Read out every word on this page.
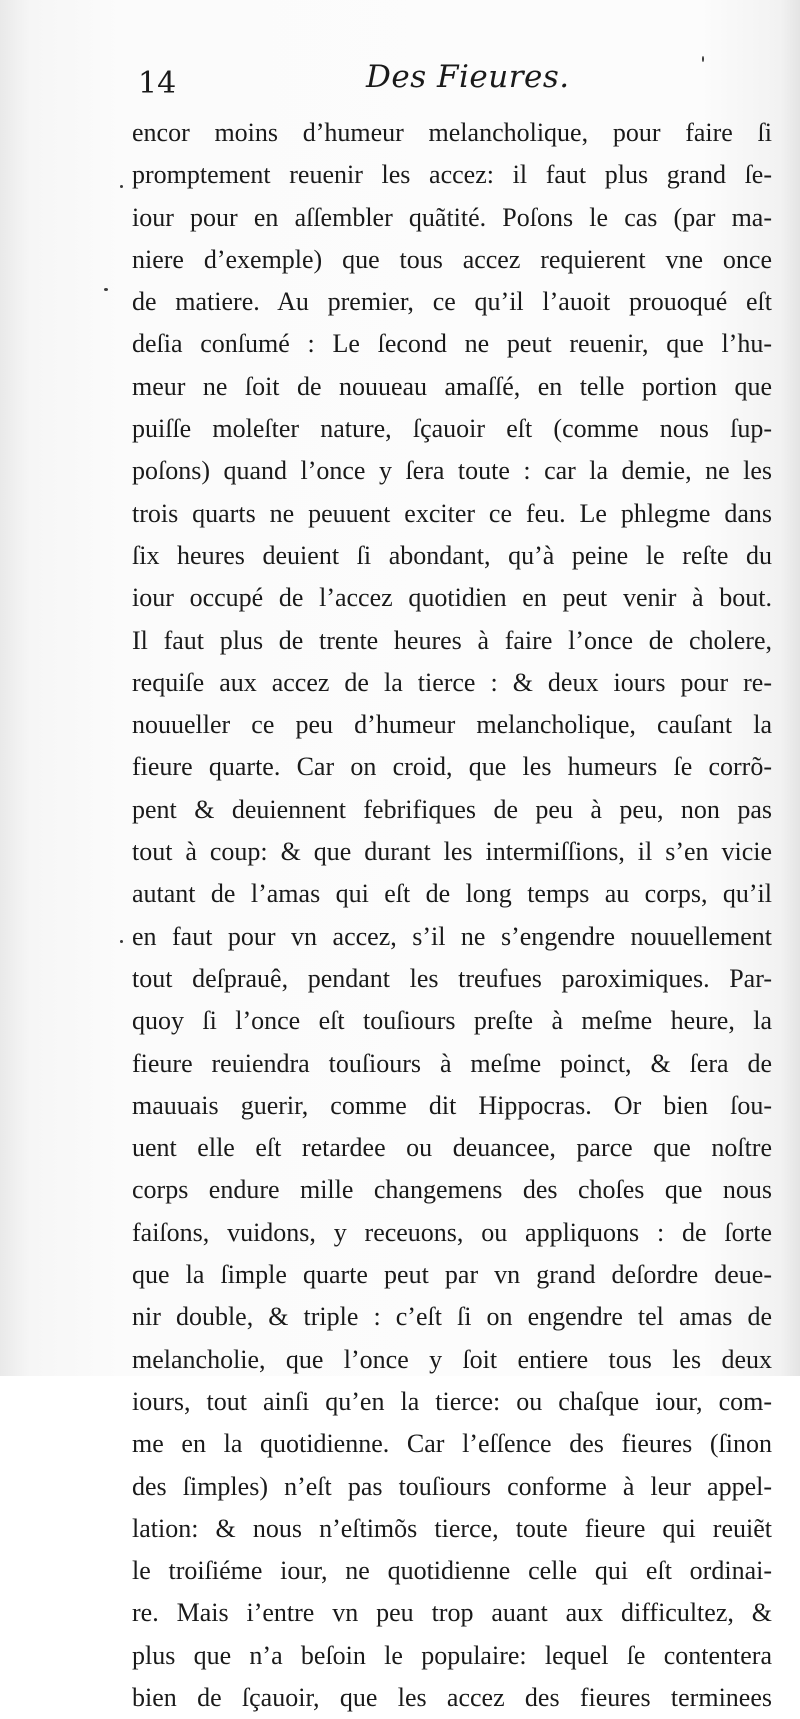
14	Des Fieures.
encor moins d’humeur melancholique, pour faire ſi
promptement reuenir les accez: il faut plus grand ſe-
iour pour en aſſembler quãtité. Poſons le cas (par ma-
niere d’exemple) que tous accez requierent vne once
de matiere. Au premier, ce qu’il l’auoit prouoqué eſt
deſia conſumé : Le ſecond ne peut reuenir, que l’hu-
meur ne ſoit de nouueau amaſſé, en telle portion que
puiſſe moleſter nature, ſçauoir eſt (comme nous ſup-
poſons) quand l’once y ſera toute : car la demie, ne les
trois quarts ne peuuent exciter ce feu. Le phlegme dans
ſix heures deuient ſi abondant, qu’à peine le reſte du
iour occupé de l’accez quotidien en peut venir à bout.
Il faut plus de trente heures à faire l’once de cholere,
requiſe aux accez de la tierce : & deux iours pour re-
nouueller ce peu d’humeur melancholique, cauſant la
fieure quarte. Car on croid, que les humeurs ſe corrõ-
pent & deuiennent febrifiques de peu à peu, non pas
tout à coup: & que durant les intermiſſions, il s’en vicie
autant de l’amas qui eſt de long temps au corps, qu’il
en faut pour vn accez, s’il ne s’engendre nouuellement
tout deſprauê, pendant les treufues paroximiques. Par-
quoy ſi l’once eſt touſiours preſte à meſme heure, la
fieure reuiendra touſiours à meſme poinct, & ſera de
mauuais guerir, comme dit Hippocras. Or bien ſou-
uent elle eſt retardee ou deuancee, parce que noſtre
corps endure mille changemens des choſes que nous
faiſons, vuidons, y receuons, ou appliquons : de ſorte
que la ſimple quarte peut par vn grand deſordre deue-
nir double, & triple : c’eſt ſi on engendre tel amas de
melancholie, que l’once y ſoit entiere tous les deux
iours, tout ainſi qu’en la tierce: ou chaſque iour, com-
me en la quotidienne. Car l’eſſence des fieures (ſinon
des ſimples) n’eſt pas touſiours conforme à leur appel-
lation: & nous n’eſtimõs tierce, toute fieure qui reuiẽt
le troiſiéme iour, ne quotidienne celle qui eſt ordinai-
re. Mais i’entre vn peu trop auant aux difficultez, &
plus que n’a beſoin le populaire: lequel ſe contentera
bien de ſçauoir, que les accez des fieures terminees
